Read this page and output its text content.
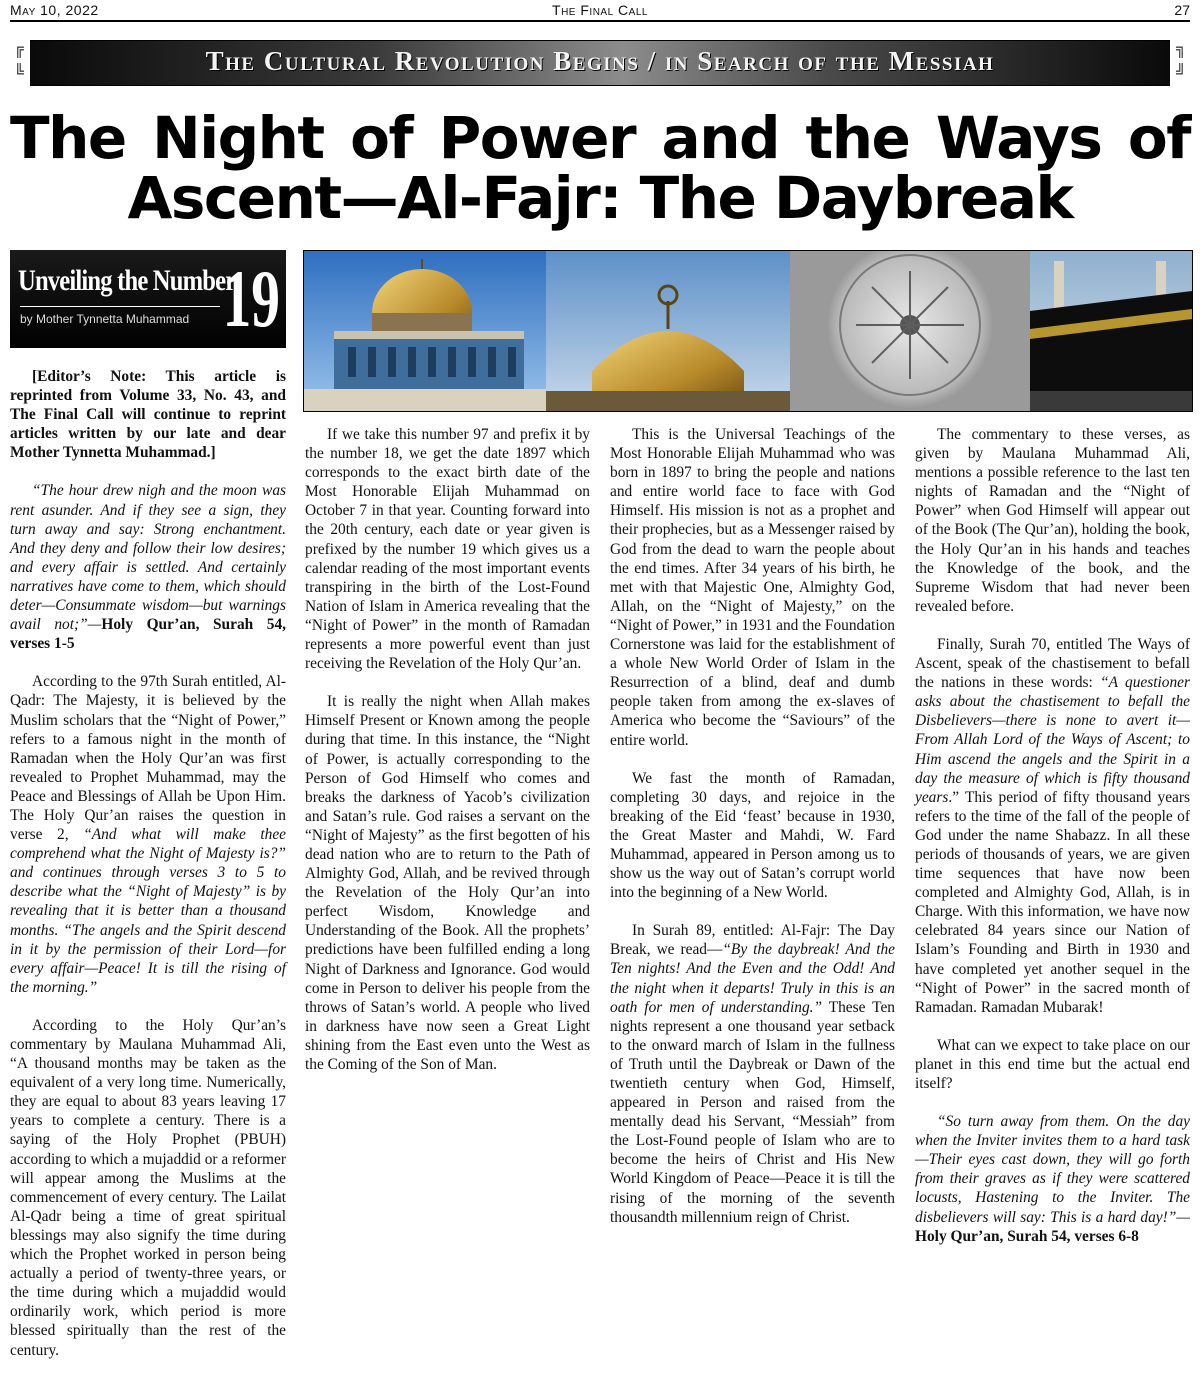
May 10, 2022	The Final Call	27
╔
╚
╗
╝
The Cultural Revolution Begins / in Search of the Messiah
The Night of Power and the Ways of
Ascent—Al-Fajr: The Daybreak
Unveiling the Number
by Mother Tynnetta Muhammad 19

[Editor’s Note: This article is reprinted from Volume 33, No. 43, and The Final Call will continue to reprint articles written by our late and dear Mother Tynnetta Muhammad.]

“The hour drew nigh and the moon was rent asunder. And if they see a sign, they turn away and say: Strong enchantment. And they deny and follow their low desires; and every affair is settled. And certainly narratives have come to them, which should deter—Consummate wisdom—but warnings avail not;”—Holy Qur’an, Surah 54, verses 1-5

According to the 97th Surah entitled, Al-Qadr: The Majesty, it is believed by the Muslim scholars that the “Night of Power,” refers to a famous night in the month of Ramadan when the Holy Qur’an was first revealed to Prophet Muhammad, may the Peace and Blessings of Allah be Upon Him. The Holy Qur’an raises the question in verse 2, “And what will make thee comprehend what the Night of Majesty is?” and continues through verses 3 to 5 to describe what the “Night of Majesty” is by revealing that it is better than a thousand months. “The angels and the Spirit descend in it by the permission of their Lord—for every affair—Peace! It is till the rising of the morning.”

According to the Holy Qur’an’s commentary by Maulana Muhammad Ali, “A thousand months may be taken as the equivalent of a very long time. Numerically, they are equal to about 83 years leaving 17 years to complete a century. There is a saying of the Holy Prophet (PBUH) according to which a mujaddid or a reformer will appear among the Muslims at the commencement of every century. The Lailat Al-Qadr being a time of great spiritual blessings may also signify the time during which the Prophet worked in person being actually a period of twenty-three years, or the time during which a mujaddid would ordinarily work, which period is more blessed spiritually than the rest of the century.

If we take this number 97 and prefix it by the number 18, we get the date 1897 which corresponds to the exact birth date of the Most Honorable Elijah Muhammad on October 7 in that year. Counting forward into the 20th century, each date or year given is prefixed by the number 19 which gives us a calendar reading of the most important events transpiring in the birth of the Lost-Found Nation of Islam in America revealing that the “Night of Power” in the month of Ramadan represents a more powerful event than just receiving the Revelation of the Holy Qur’an.

It is really the night when Allah makes Himself Present or Known among the people during that time. In this instance, the “Night of Power, is actually corresponding to the Person of God Himself who comes and breaks the darkness of Yacob’s civilization and Satan’s rule. God raises a servant on the “Night of Majesty” as the first begotten of his dead nation who are to return to the Path of Almighty God, Allah, and be revived through the Revelation of the Holy Qur’an into perfect Wisdom, Knowledge and Understanding of the Book. All the prophets’ predictions have been fulfilled ending a long Night of Darkness and Ignorance. God would come in Person to deliver his people from the throws of Satan’s world. A people who lived in darkness have now seen a Great Light shining from the East even unto the West as the Coming of the Son of Man.

This is the Universal Teachings of the Most Honorable Elijah Muhammad who was born in 1897 to bring the people and nations and entire world face to face with God Himself. His mission is not as a prophet and their prophecies, but as a Messenger raised by God from the dead to warn the people about the end times. After 34 years of his birth, he met with that Majestic One, Almighty God, Allah, on the “Night of Majesty,” on the “Night of Power,” in 1931 and the Foundation Cornerstone was laid for the establishment of a whole New World Order of Islam in the Resurrection of a blind, deaf and dumb people taken from among the ex-slaves of America who become the “Saviours” of the entire world.

We fast the month of Ramadan, completing 30 days, and rejoice in the breaking of the Eid ‘feast’ because in 1930, the Great Master and Mahdi, W. Fard Muhammad, appeared in Person among us to show us the way out of Satan’s corrupt world into the beginning of a New World.

In Surah 89, entitled: Al-Fajr: The Day Break, we read—“By the daybreak! And the Ten nights! And the Even and the Odd! And the night when it departs! Truly in this is an oath for men of understanding.” These Ten nights represent a one thousand year setback to the onward march of Islam in the fullness of Truth until the Daybreak or Dawn of the twentieth century when God, Himself, appeared in Person and raised from the mentally dead his Servant, “Messiah” from the Lost-Found people of Islam who are to become the heirs of Christ and His New World Kingdom of Peace—Peace it is till the rising of the morning of the seventh thousandth millennium reign of Christ.

The commentary to these verses, as given by Maulana Muhammad Ali, mentions a possible reference to the last ten nights of Ramadan and the “Night of Power” when God Himself will appear out of the Book (The Qur’an), holding the book, the Holy Qur’an in his hands and teaches the Knowledge of the book, and the Supreme Wisdom that had never been revealed before.

Finally, Surah 70, entitled The Ways of Ascent, speak of the chastisement to befall the nations in these words: “A questioner asks about the chastisement to befall the Disbelievers—there is none to avert it—From Allah Lord of the Ways of Ascent; to Him ascend the angels and the Spirit in a day the measure of which is fifty thousand years.” This period of fifty thousand years refers to the time of the fall of the people of God under the name Shabazz. In all these periods of thousands of years, we are given time sequences that have now been completed and Almighty God, Allah, is in Charge. With this information, we have now celebrated 84 years since our Nation of Islam’s Founding and Birth in 1930 and have completed yet another sequel in the “Night of Power” in the sacred month of Ramadan. Ramadan Mubarak!

What can we expect to take place on our planet in this end time but the actual end itself?

“So turn away from them. On the day when the Inviter invites them to a hard task—Their eyes cast down, they will go forth from their graves as if they were scattered locusts, Hastening to the Inviter. The disbelievers will say: This is a hard day!”—Holy Qur’an, Surah 54, verses 6-8
